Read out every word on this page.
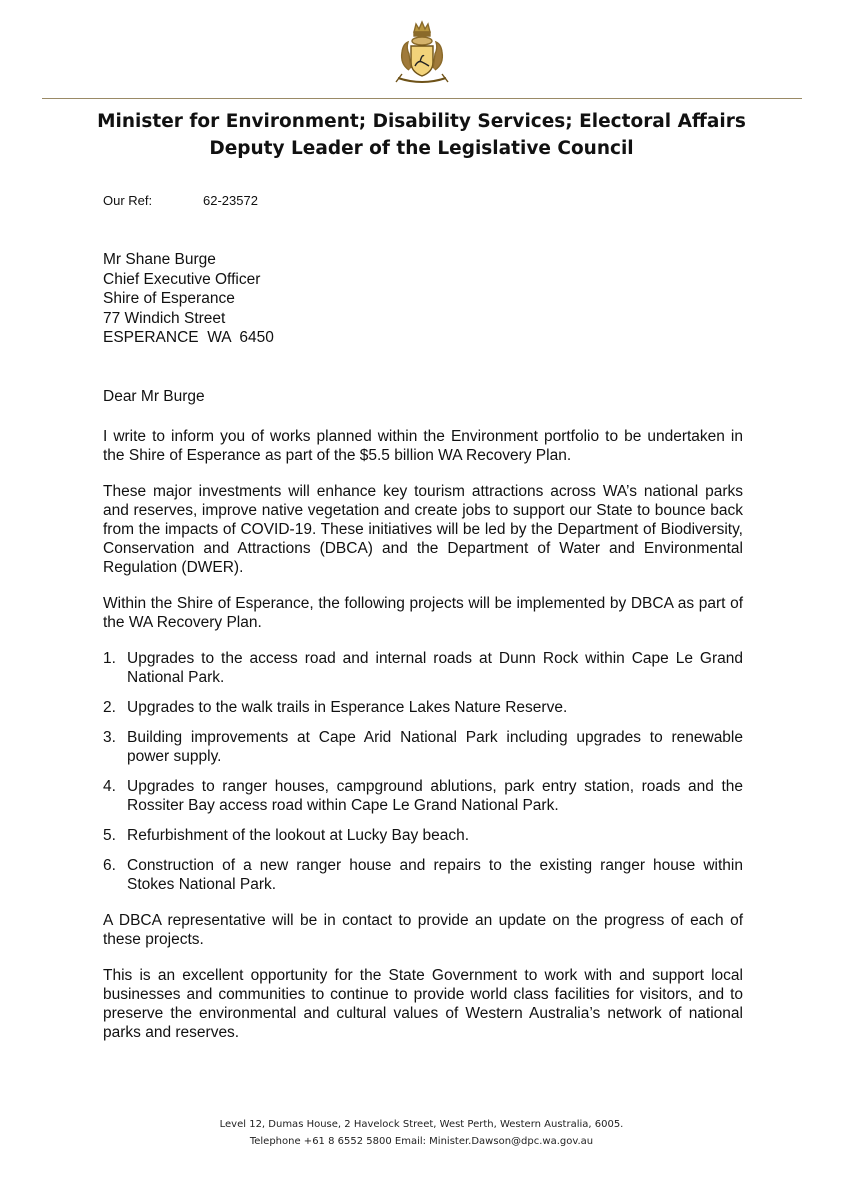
Minister for Environment; Disability Services; Electoral Affairs
Deputy Leader of the Legislative Council
Our Ref:	62-23572
Mr Shane Burge
Chief Executive Officer
Shire of Esperance
77 Windich Street
ESPERANCE  WA  6450
Dear Mr Burge

I write to inform you of works planned within the Environment portfolio to be undertaken in the Shire of Esperance as part of the $5.5 billion WA Recovery Plan.

These major investments will enhance key tourism attractions across WA’s national parks and reserves, improve native vegetation and create jobs to support our State to bounce back from the impacts of COVID-19. These initiatives will be led by the Department of Biodiversity, Conservation and Attractions (DBCA) and the Department of Water and Environmental Regulation (DWER).

Within the Shire of Esperance, the following projects will be implemented by DBCA as part of the WA Recovery Plan.

1. Upgrades to the access road and internal roads at Dunn Rock within Cape Le Grand National Park.
2. Upgrades to the walk trails in Esperance Lakes Nature Reserve.
3. Building improvements at Cape Arid National Park including upgrades to renewable power supply.
4. Upgrades to ranger houses, campground ablutions, park entry station, roads and the Rossiter Bay access road within Cape Le Grand National Park.
5. Refurbishment of the lookout at Lucky Bay beach.
6. Construction of a new ranger house and repairs to the existing ranger house within Stokes National Park.

A DBCA representative will be in contact to provide an update on the progress of each of these projects.

This is an excellent opportunity for the State Government to work with and support local businesses and communities to continue to provide world class facilities for visitors, and to preserve the environmental and cultural values of Western Australia’s network of national parks and reserves.

Level 12, Dumas House, 2 Havelock Street, West Perth, Western Australia, 6005.
Telephone +61 8 6552 5800 Email: Minister.Dawson@dpc.wa.gov.au
